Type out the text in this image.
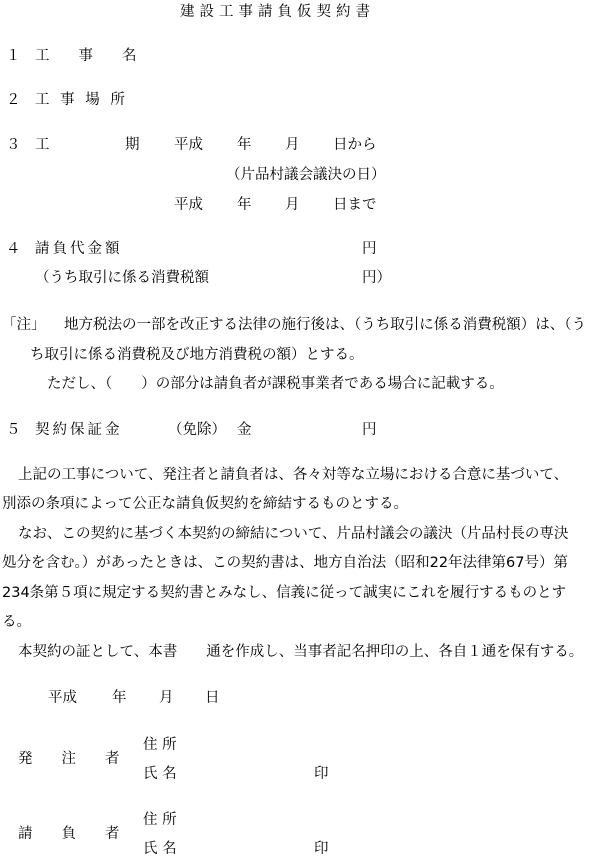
建設工事請負仮契約書
１ 工　　事　　名
２ 工 事 場 所
３ 工	期 平成 年 月 日から
（片品村議会議決の日）
平成 年 月 日まで
４ 請負代金額	円
（うち取引に係る消費税額	円）
「注」 地方税法の一部を改正する法律の施行後は、（うち取引に係る消費税額）は、（う
ち取引に係る消費税及び地方消費税の額）とする。
ただし、（　　）の部分は請負者が課税事業者である場合に記載する。
５ 契約保証金	（免除） 金	円
上記の工事について、発注者と請負者は、各々対等な立場における合意に基づいて、
別添の条項によって公正な請負仮契約を締結するものとする。
なお、この契約に基づく本契約の締結について、片品村議会の議決（片品村長の専決
処分を含む。）があったときは、この契約書は、地方自治法（昭和22年法律第67号）第
234条第５項に規定する契約書とみなし、信義に従って誠実にこれを履行するものとす
る。
本契約の証として、本書　　通を作成し、当事者記名押印の上、各自１通を保有する。
平成 年 月 日
発　　注　　者
住 所
氏 名	印
請　　負　　者
住 所
氏 名	印
